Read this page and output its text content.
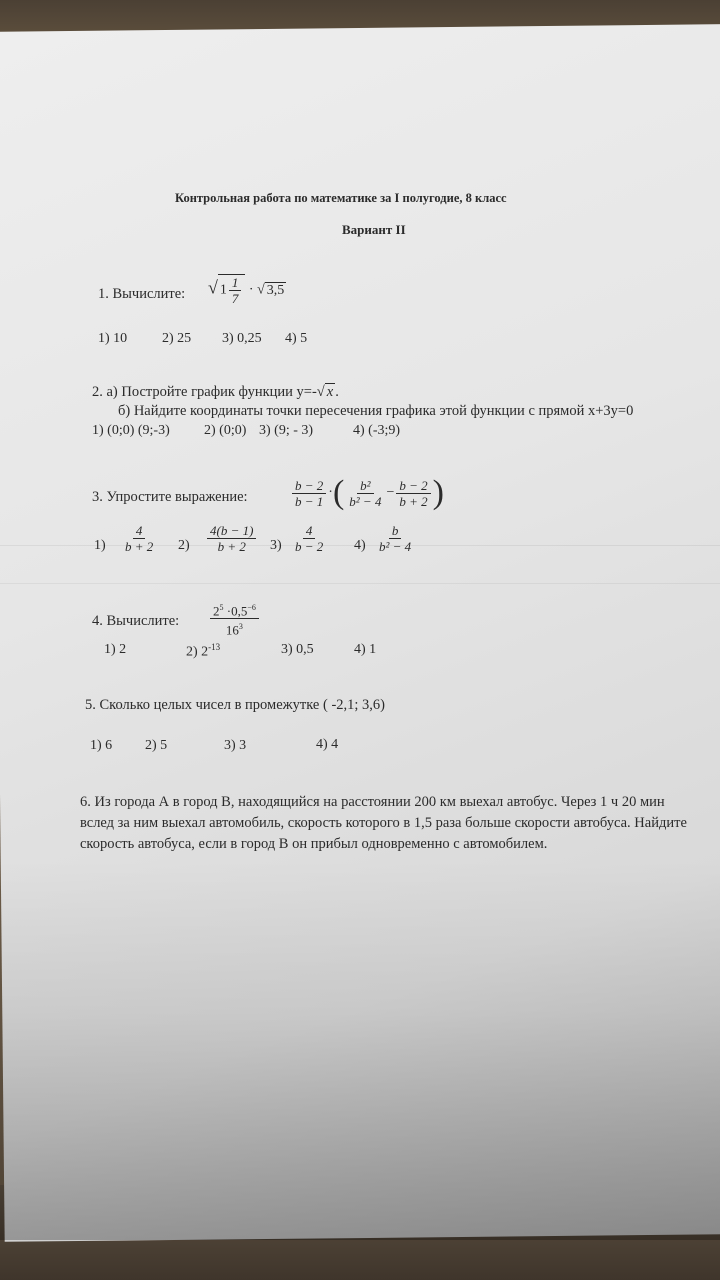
Контрольная работа по математике за I полугодие, 8 класс
Вариант II
1. Вычислите: √ $1 \frac{1}{7}$ · √ 3,5
1) 10 2) 25 3) 0,25 4) 5
2. а) Постройте график функции y=-√ x .
б) Найдите координаты точки пересечения графика этой функции с прямой x+3y=0
1) (0;0) (9;-3) 2) (0;0) 3) (9; - 3)	4) (-3;9)
3. Упростите выражение:	$\frac{b - 2}{b - 1}$ ·( $\frac{\text{b²}}{\text{b² − 4}} - \frac{b - 2}{b + 2}$ )
$1) \frac{4}{b + 2} 2) \frac{4(b - 1)}{b + 2} 3) \frac{4}{b - 2} 4) \frac{b}{\text{b² − 4}}$
4. Вычислите: $\frac{2^5 \cdot 0,5^{-6}}{16^3}$
1) 2	2) $2^{-13}$	3) 0,5	4) 1
5. Сколько целых чисел в промежутке ( -2,1; 3,6)
1) 6 2) 5	3) 3	4) 4
6. Из города А в город В, находящийся на расстоянии 200 км выехал автобус. Через 1 ч 20 мин вслед за ним выехал автомобиль, скорость которого в 1,5 раза больше скорости автобуса. Найдите скорость автобуса, если в город В он прибыл одновременно с автомобилем.
